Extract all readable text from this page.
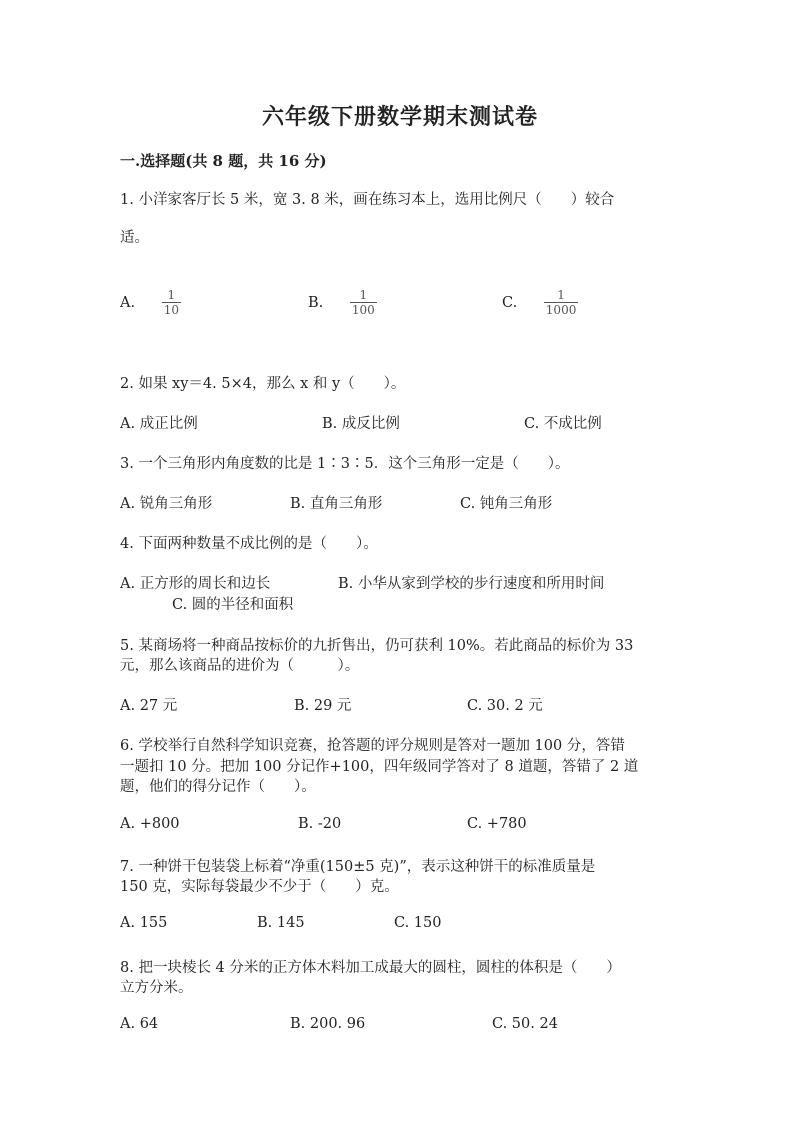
六年级下册数学期末测试卷
一.选择题(共 8 题，共 16 分)
1. 小洋家客厅长 5 米，宽 3. 8 米，画在练习本上，选用比例尺（　　）较合
适。
A. $\frac{1}{10}$	B. $\frac{1}{100}$	C. $\frac{1}{1000}$
2. 如果 xy＝4. 5×4，那么 x 和 y（　　）。
A. 成正比例	B. 成反比例	C. 不成比例
3. 一个三角形内角度数的比是 1∶3∶5．这个三角形一定是（　　）。
A. 锐角三角形	B. 直角三角形	C. 钝角三角形
4. 下面两种数量不成比例的是（　　）。
A. 正方形的周长和边长	B. 小华从家到学校的步行速度和所用时间
C. 圆的半径和面积
5. 某商场将一种商品按标价的九折售出，仍可获利 10%。若此商品的标价为 33
元，那么该商品的进价为（　　　）。
A. 27 元	B. 29 元	C. 30. 2 元
6. 学校举行自然科学知识竞赛，抢答题的评分规则是答对一题加 100 分，答错
一题扣 10 分。把加 100 分记作+100，四年级同学答对了 8 道题，答错了 2 道
题，他们的得分记作（　　）。
A. +800	B. -20	C. +780
7. 一种饼干包装袋上标着“净重(150±5 克)”，表示这种饼干的标准质量是
150 克，实际每袋最少不少于（　　）克。
A. 155	B. 145	C. 150
8. 把一块棱长 4 分米的正方体木料加工成最大的圆柱，圆柱的体积是（　　）
立方分米。
A. 64	B. 200. 96	C. 50. 24
